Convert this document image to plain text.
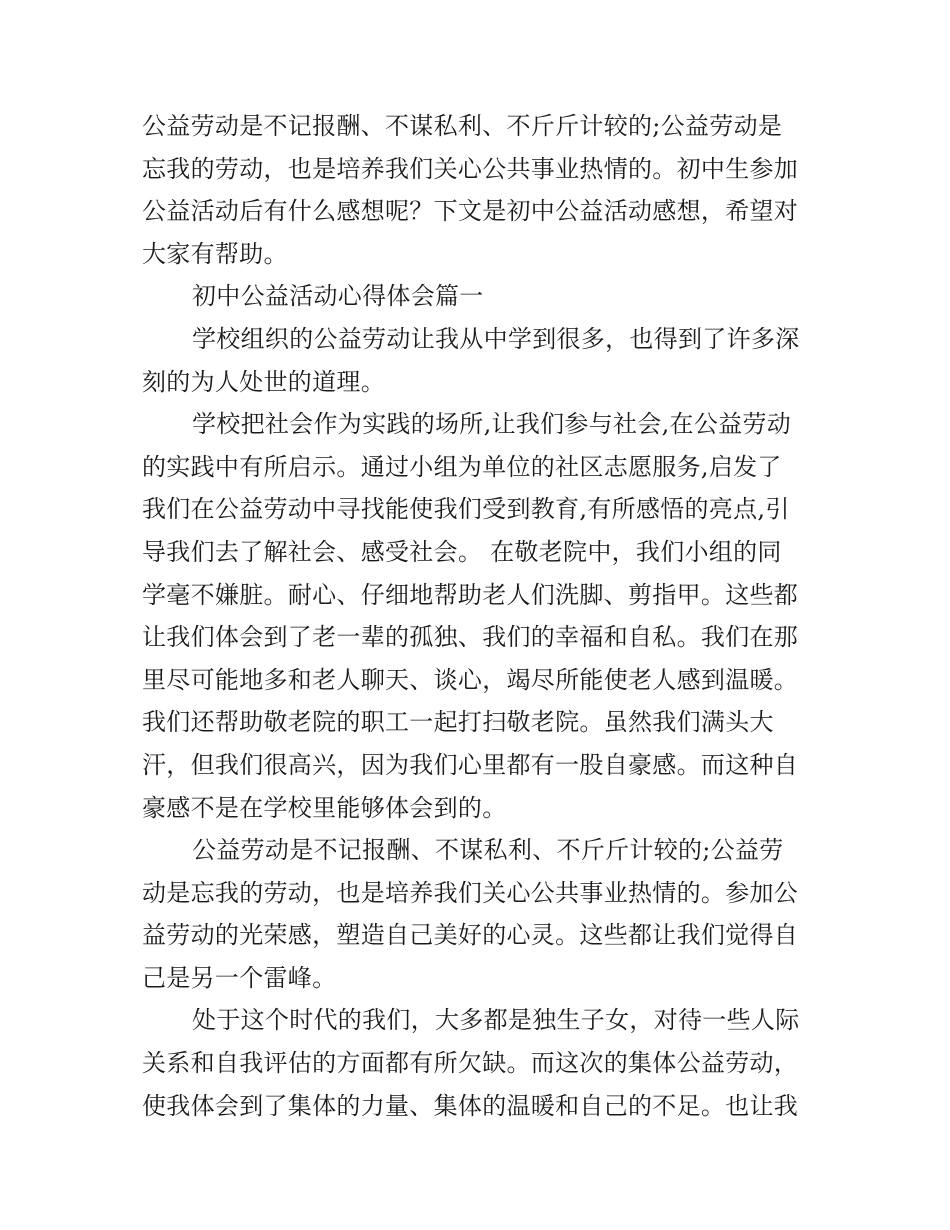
公益劳动是不记报酬、不谋私利、不斤斤计较的;公益劳动是
忘我的劳动，也是培养我们关心公共事业热情的。初中生参加
公益活动后有什么感想呢？下文是初中公益活动感想，希望对
大家有帮助。
初中公益活动心得体会篇一
学校组织的公益劳动让我从中学到很多，也得到了许多深
刻的为人处世的道理。
学校把社会作为实践的场所,让我们参与社会,在公益劳动
的实践中有所启示。通过小组为单位的社区志愿服务,启发了
我们在公益劳动中寻找能使我们受到教育,有所感悟的亮点,引
导我们去了解社会、感受社会。 在敬老院中，我们小组的同
学毫不嫌脏。耐心、仔细地帮助老人们洗脚、剪指甲。这些都
让我们体会到了老一辈的孤独、我们的幸福和自私。我们在那
里尽可能地多和老人聊天、谈心，竭尽所能使老人感到温暖。
我们还帮助敬老院的职工一起打扫敬老院。虽然我们满头大
汗，但我们很高兴，因为我们心里都有一股自豪感。而这种自
豪感不是在学校里能够体会到的。
公益劳动是不记报酬、不谋私利、不斤斤计较的;公益劳
动是忘我的劳动，也是培养我们关心公共事业热情的。参加公
益劳动的光荣感，塑造自己美好的心灵。这些都让我们觉得自
己是另一个雷峰。
处于这个时代的我们，大多都是独生子女，对待一些人际
关系和自我评估的方面都有所欠缺。而这次的集体公益劳动，
使我体会到了集体的力量、集体的温暖和自己的不足。也让我
